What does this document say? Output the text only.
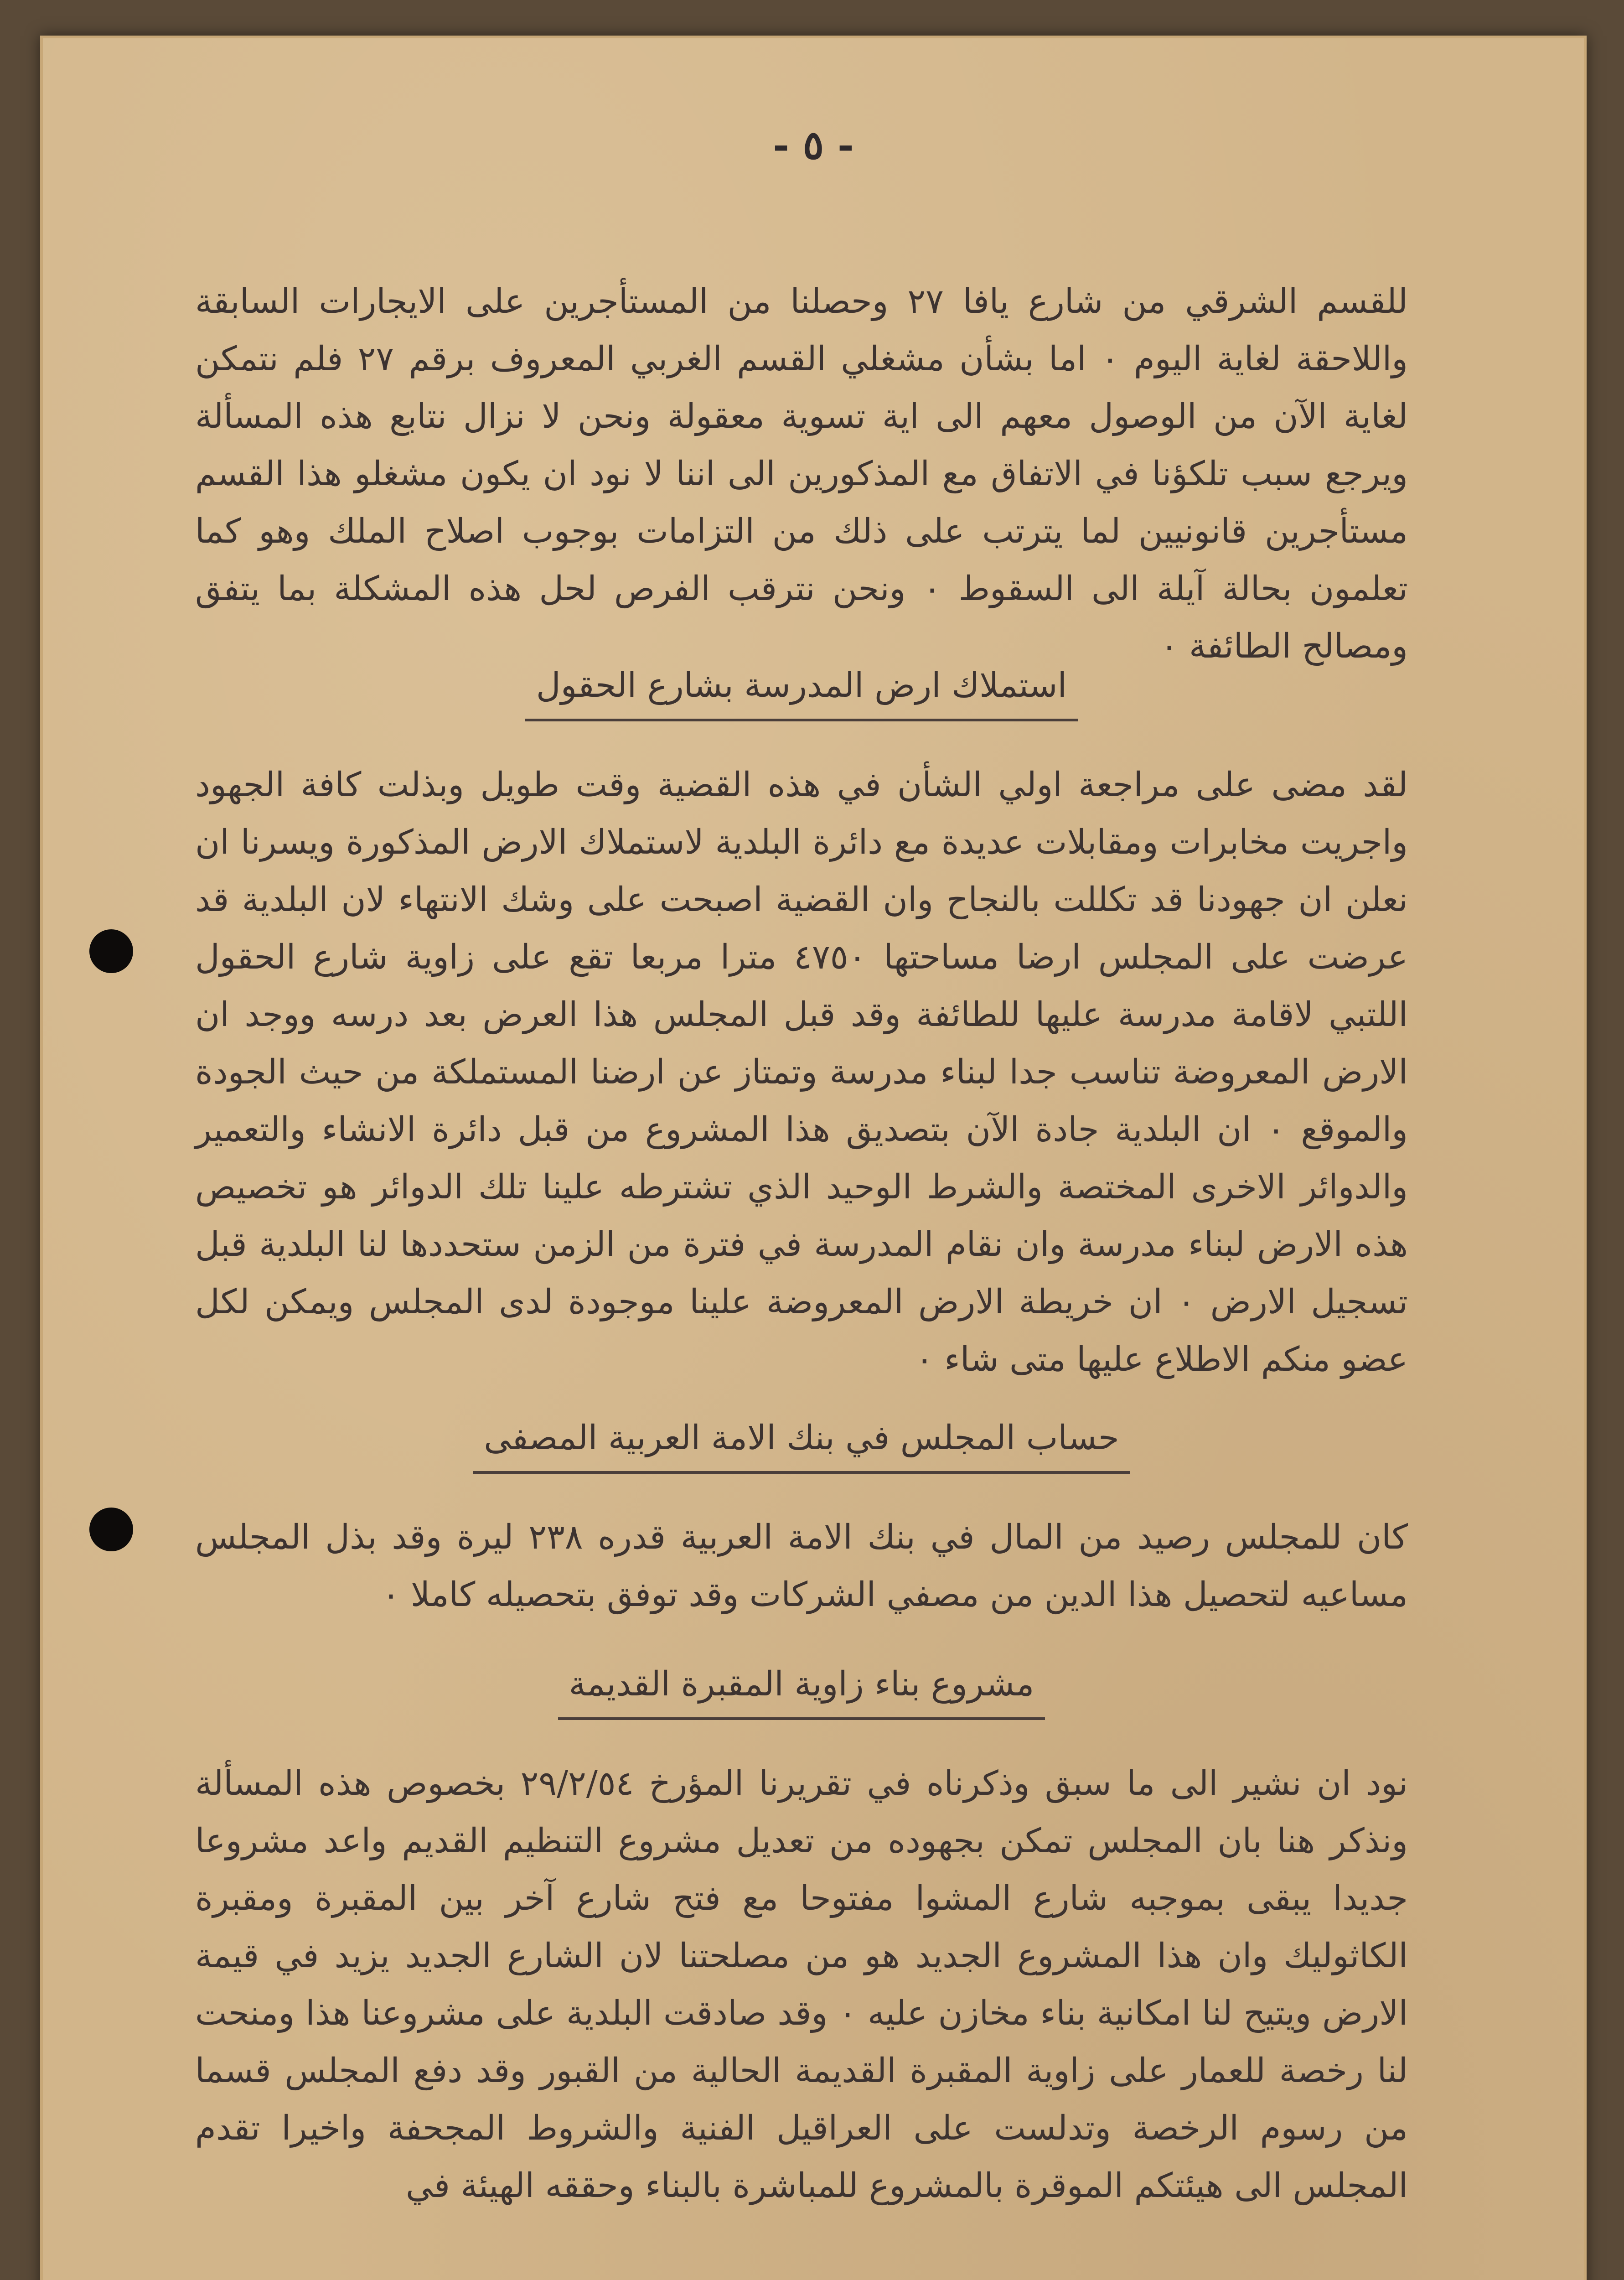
- ٥ -

للقسم الشرقي من شارع يافا ٢٧ وحصلنا من المستأجرين على الايجارات السابقة واللاحقة لغاية اليوم ٠ اما بشأن مشغلي القسم الغربي المعروف برقم ٢٧ فلم نتمكن لغاية الآن من الوصول معهم الى اية تسوية معقولة ونحن لا نزال نتابع هذه المسألة ويرجع سبب تلكؤنا في الاتفاق مع المذكورين الى اننا لا نود ان يكون مشغلو هذا القسم مستأجرين قانونيين لما يترتب على ذلك من التزامات بوجوب اصلاح الملك وهو كما تعلمون بحالة آيلة الى السقوط ٠ ونحن نترقب الفرص لحل هذه المشكلة بما يتفق ومصالح الطائفة ٠

استملاك ارض المدرسة بشارع الحقول

لقد مضى على مراجعة اولي الشأن في هذه القضية وقت طويل وبذلت كافة الجهود واجريت مخابرات ومقابلات عديدة مع دائرة البلدية لاستملاك الارض المذكورة ويسرنا ان نعلن ان جهودنا قد تكللت بالنجاح وان القضية اصبحت على وشك الانتهاء لان البلدية قد عرضت على المجلس ارضا مساحتها ٤٧٥٠ مترا مربعا تقع على زاوية شارع الحقول اللتبي لاقامة مدرسة عليها للطائفة وقد قبل المجلس هذا العرض بعد درسه ووجد ان الارض المعروضة تناسب جدا لبناء مدرسة وتمتاز عن ارضنا المستملكة من حيث الجودة والموقع ٠ ان البلدية جادة الآن بتصديق هذا المشروع من قبل دائرة الانشاء والتعمير والدوائر الاخرى المختصة والشرط الوحيد الذي تشترطه علينا تلك الدوائر هو تخصيص هذه الارض لبناء مدرسة وان نقام المدرسة في فترة من الزمن ستحددها لنا البلدية قبل تسجيل الارض ٠ ان خريطة الارض المعروضة علينا موجودة لدى المجلس ويمكن لكل عضو منكم الاطلاع عليها متى شاء ٠

حساب المجلس في بنك الامة العربية المصفى

كان للمجلس رصيد من المال في بنك الامة العربية قدره ٢٣٨ ليرة وقد بذل المجلس مساعيه لتحصيل هذا الدين من مصفي الشركات وقد توفق بتحصيله كاملا ٠

مشروع بناء زاوية المقبرة القديمة

نود ان نشير الى ما سبق وذكرناه في تقريرنا المؤرخ ٢٩/٢/٥٤ بخصوص هذه المسألة ونذكر هنا بان المجلس تمكن بجهوده من تعديل مشروع التنظيم القديم واعد مشروعا جديدا يبقى بموجبه شارع المشوا مفتوحا مع فتح شارع آخر بين المقبرة ومقبرة الكاثوليك وان هذا المشروع الجديد هو من مصلحتنا لان الشارع الجديد يزيد في قيمة الارض ويتيح لنا امكانية بناء مخازن عليه ٠ وقد صادقت البلدية على مشروعنا هذا ومنحت لنا رخصة للعمار على زاوية المقبرة القديمة الحالية من القبور وقد دفع المجلس قسما من رسوم الرخصة وتدلست على العراقيل الفنية والشروط المجحفة واخيرا تقدم المجلس الى هيئتكم الموقرة بالمشروع للمباشرة بالبناء وحققه الهيئة في
